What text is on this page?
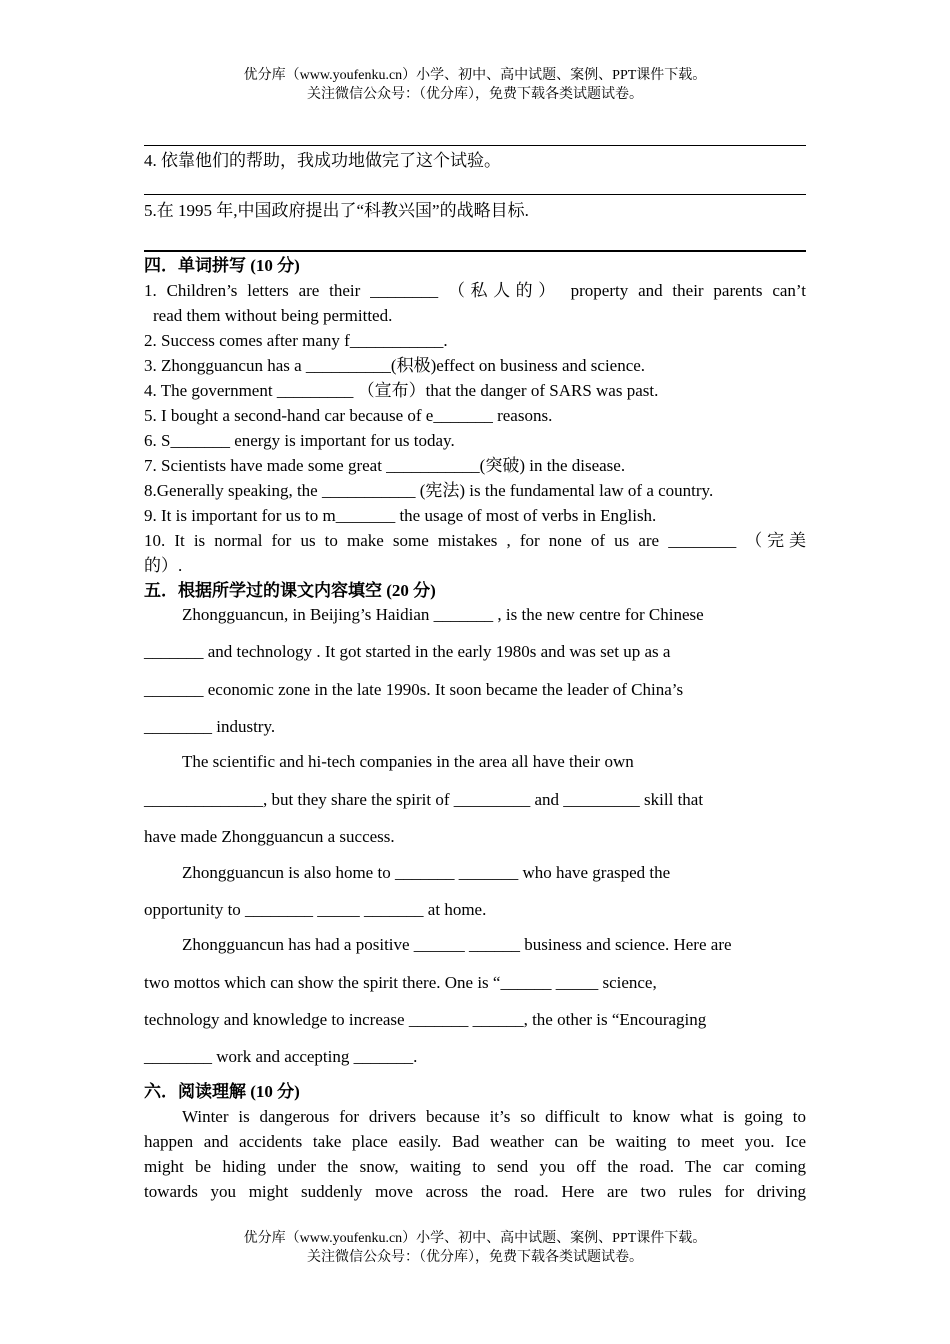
优分库（www.youfenku.cn）小学、初中、高中试题、案例、PPT课件下载。
关注微信公众号：（优分库），免费下载各类试题试卷。
4. 依靠他们的帮助，我成功地做完了这个试验。
5.在 1995 年,中国政府提出了“科教兴国”的战略目标.
四．单词拼写 (10 分)
1. Children’s letters are their ________ （私人的） property and their parents can’t
read them without being permitted.
2. Success comes after many f___________.
3. Zhongguancun has a __________(积极)effect on business and science.
4. The government _________ （宣布）that the danger of SARS was past.
5. I bought a second-hand car because of e_______ reasons.
6. S_______ energy is important for us today.
7. Scientists have made some great ___________(突破) in the disease.
8.Generally speaking, the ___________ (宪法) is the fundamental law of a country.
9. It is important for us to m_______ the usage of most of verbs in English.
10. It is normal for us to make some mistakes , for none of us are ________ （完美
的）.
五．根据所学过的课文内容填空 (20 分)
Zhongguancun, in Beijing’s Haidian _______ , is the new centre for Chinese
_______ and technology . It got started in the early 1980s and was set up as a
_______ economic zone in the late 1990s. It soon became the leader of China’s
________ industry.
The scientific and hi-tech companies in the area all have their own
______________, but they share the spirit of _________ and _________ skill that
have made Zhongguancun a success.
Zhongguancun is also home to _______ _______ who have grasped the
opportunity to ________ _____ _______ at home.
Zhongguancun has had a positive ______ ______ business and science. Here are
two mottos which can show the spirit there. One is “______ _____ science,
technology and knowledge to increase _______ ______, the other is “Encouraging
________ work and accepting _______.
六．阅读理解 (10 分)
Winter is dangerous for drivers because it’s so difficult to know what is going to
happen and accidents take place easily. Bad weather can be waiting to meet you. Ice
might be hiding under the snow, waiting to send you off the road. The car coming
towards you might suddenly move across the road. Here are two rules for driving
优分库（www.youfenku.cn）小学、初中、高中试题、案例、PPT课件下载。
关注微信公众号：（优分库），免费下载各类试题试卷。
